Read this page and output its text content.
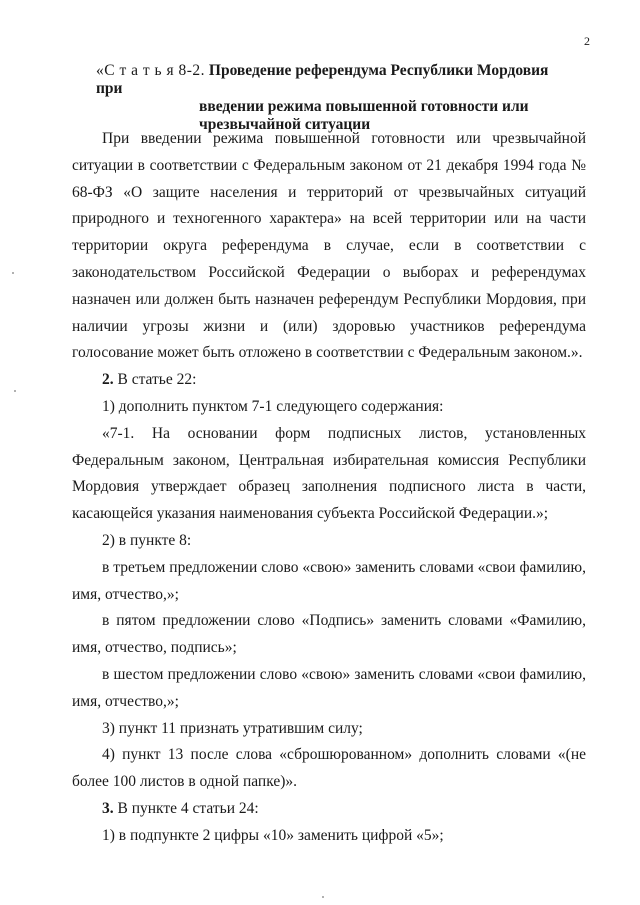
2
«С т а т ь я 8-2. Проведение референдума Республики Мордовия при
введении режима повышенной готовности или
чрезвычайной ситуации

При введении режима повышенной готовности или чрезвычайной ситуации в соответствии с Федеральным законом от 21 декабря 1994 года № 68-ФЗ «О защите населения и территорий от чрезвычайных ситуаций природного и техногенного характера» на всей территории или на части территории округа референдума в случае, если в соответствии с законодательством Российской Федерации о выборах и референдумах назначен или должен быть назначен референдум Республики Мордовия, при наличии угрозы жизни и (или) здоровью участников референдума голосование может быть отложено в соответствии с Федеральным законом.».

2. В статье 22:

1) дополнить пунктом 7-1 следующего содержания:

«7-1. На основании форм подписных листов, установленных Федеральным законом, Центральная избирательная комиссия Республики Мордовия утверждает образец заполнения подписного листа в части, касающейся указания наименования субъекта Российской Федерации.»;

2) в пункте 8:

в третьем предложении слово «свою» заменить словами «свои фамилию, имя, отчество,»;

в пятом предложении слово «Подпись» заменить словами «Фамилию, имя, отчество, подпись»;

в шестом предложении слово «свою» заменить словами «свои фамилию, имя, отчество,»;

3) пункт 11 признать утратившим силу;

4) пункт 13 после слова «сброшюрованном» дополнить словами «(не более 100 листов в одной папке)».

3. В пункте 4 статьи 24:

1) в подпункте 2 цифры «10» заменить цифрой «5»;
